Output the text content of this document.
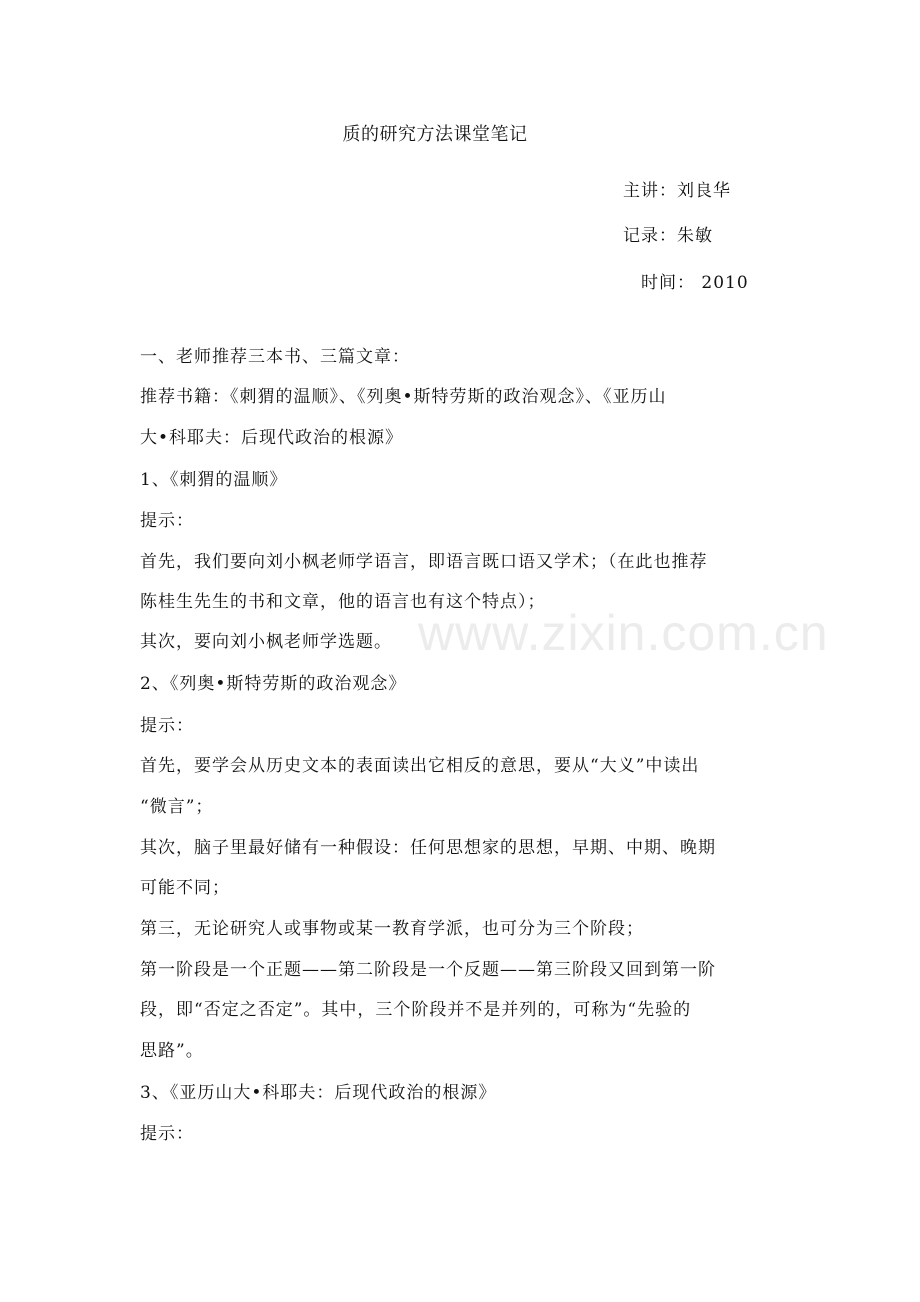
www.zixin.com.cn
质的研究方法课堂笔记
主讲：刘良华
记录：朱敏
时间： 2010
一、老师推荐三本书、三篇文章：
推荐书籍：《刺猬的温顺》、《列奥•斯特劳斯的政治观念》、《亚历山
大•科耶夫：后现代政治的根源》
1、《刺猬的温顺》
提示：
首先，我们要向刘小枫老师学语言，即语言既口语又学术；（在此也推荐
陈桂生先生的书和文章，他的语言也有这个特点）；
其次，要向刘小枫老师学选题。
2、《列奥•斯特劳斯的政治观念》
提示：
首先，要学会从历史文本的表面读出它相反的意思，要从“大义”中读出
“微言”；
其次，脑子里最好储有一种假设：任何思想家的思想，早期、中期、晚期
可能不同；
第三，无论研究人或事物或某一教育学派，也可分为三个阶段；
第一阶段是一个正题——第二阶段是一个反题——第三阶段又回到第一阶
段，即“否定之否定”。其中，三个阶段并不是并列的，可称为“先验的
思路”。
3、《亚历山大•科耶夫：后现代政治的根源》
提示：
